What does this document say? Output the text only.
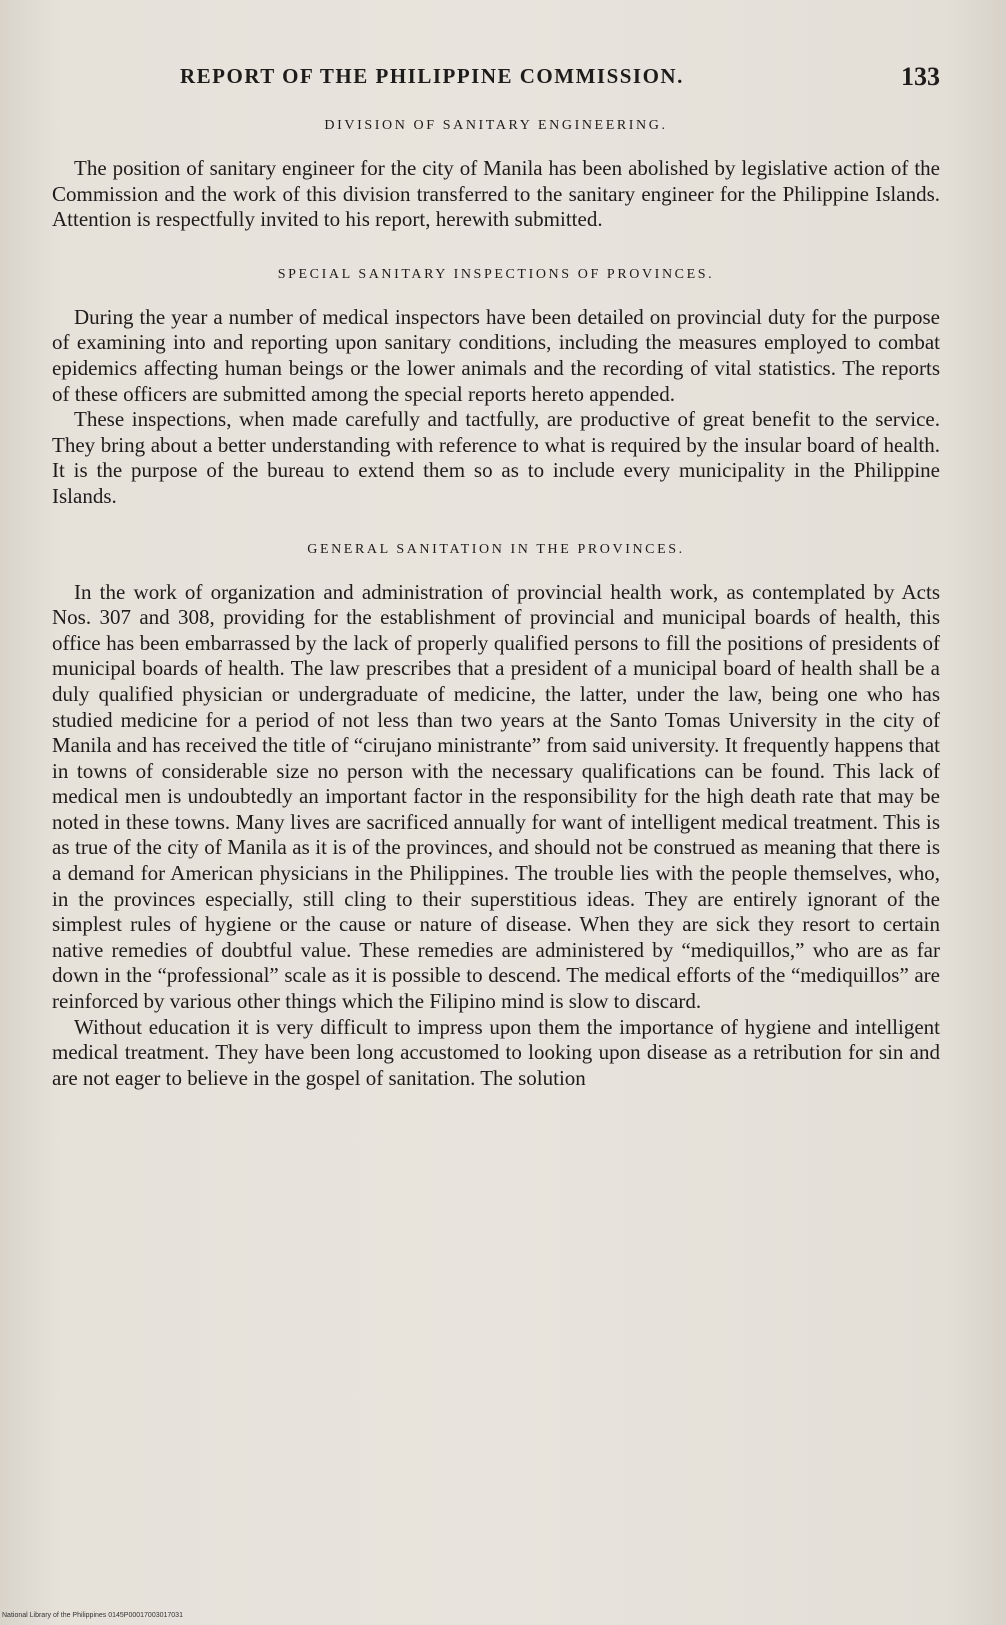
REPORT OF THE PHILIPPINE COMMISSION.	133
DIVISION OF SANITARY ENGINEERING.

The position of sanitary engineer for the city of Manila has been abolished by legislative action of the Commission and the work of this division transferred to the sanitary engineer for the Philippine Islands. Attention is respectfully invited to his report, herewith submitted.

SPECIAL SANITARY INSPECTIONS OF PROVINCES.

During the year a number of medical inspectors have been detailed on provincial duty for the purpose of examining into and reporting upon sanitary conditions, including the measures employed to combat epidemics affecting human beings or the lower animals and the recording of vital statistics. The reports of these officers are submitted among the special reports hereto appended.

These inspections, when made carefully and tactfully, are productive of great benefit to the service. They bring about a better understanding with reference to what is required by the insular board of health. It is the purpose of the bureau to extend them so as to include every municipality in the Philippine Islands.

GENERAL SANITATION IN THE PROVINCES.

In the work of organization and administration of provincial health work, as contemplated by Acts Nos. 307 and 308, providing for the establishment of provincial and municipal boards of health, this office has been embarrassed by the lack of properly qualified persons to fill the positions of presidents of municipal boards of health. The law prescribes that a president of a municipal board of health shall be a duly qualified physician or undergraduate of medicine, the latter, under the law, being one who has studied medicine for a period of not less than two years at the Santo Tomas University in the city of Manila and has received the title of “cirujano ministrante” from said university. It frequently happens that in towns of considerable size no person with the necessary qualifications can be found. This lack of medical men is undoubtedly an important factor in the responsibility for the high death rate that may be noted in these towns. Many lives are sacrificed annually for want of intelligent medical treatment. This is as true of the city of Manila as it is of the provinces, and should not be construed as meaning that there is a demand for American physicians in the Philippines. The trouble lies with the people themselves, who, in the provinces especially, still cling to their superstitious ideas. They are entirely ignorant of the simplest rules of hygiene or the cause or nature of disease. When they are sick they resort to certain native remedies of doubtful value. These remedies are administered by “mediquillos,” who are as far down in the “professional” scale as it is possible to descend. The medical efforts of the “mediquillos” are reinforced by various other things which the Filipino mind is slow to discard.

Without education it is very difficult to impress upon them the importance of hygiene and intelligent medical treatment. They have been long accustomed to looking upon disease as a retribution for sin and are not eager to believe in the gospel of sanitation. The solution

National Library of the Philippines 0145P00017003017031
